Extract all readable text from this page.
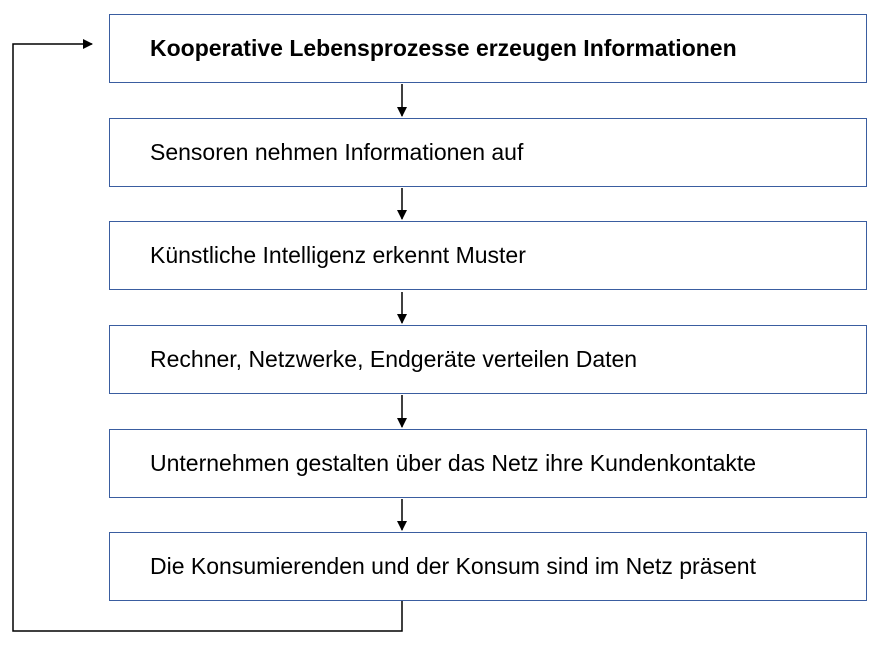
Kooperative Lebensprozesse erzeugen Informationen
Sensoren nehmen Informationen auf
Künstliche Intelligenz erkennt Muster
Rechner, Netzwerke, Endgeräte verteilen Daten
Unternehmen gestalten über das Netz ihre Kundenkontakte
Die Konsumierenden und der Konsum sind im Netz präsent
